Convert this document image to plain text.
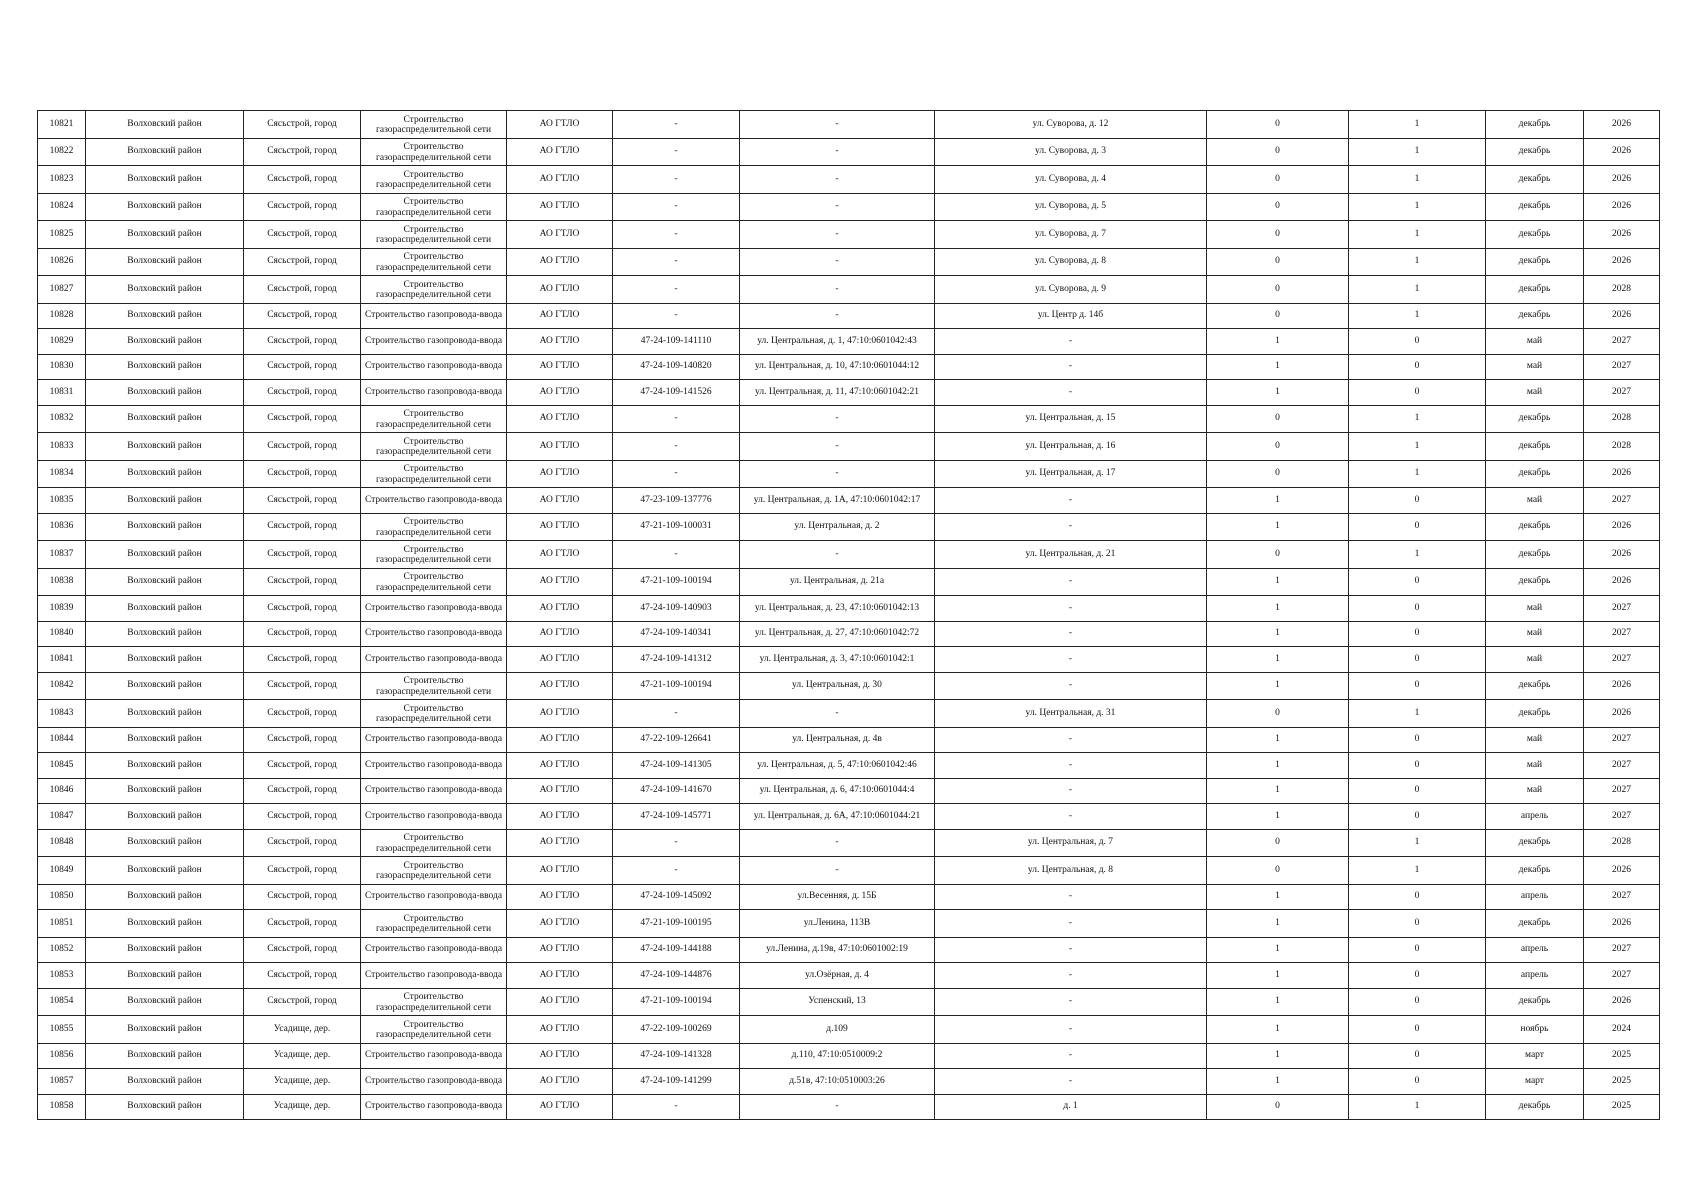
10821	Волховский район	Сясьстрой, город	Строительство газораспределительной сети	АО ГТЛО	-	-	ул. Суворова, д. 12	0	1	декабрь	2026
10822	Волховский район	Сясьстрой, город	Строительство газораспределительной сети	АО ГТЛО	-	-	ул. Суворова, д. 3	0	1	декабрь	2026
10823	Волховский район	Сясьстрой, город	Строительство газораспределительной сети	АО ГТЛО	-	-	ул. Суворова, д. 4	0	1	декабрь	2026
10824	Волховский район	Сясьстрой, город	Строительство газораспределительной сети	АО ГТЛО	-	-	ул. Суворова, д. 5	0	1	декабрь	2026
10825	Волховский район	Сясьстрой, город	Строительство газораспределительной сети	АО ГТЛО	-	-	ул. Суворова, д. 7	0	1	декабрь	2026
10826	Волховский район	Сясьстрой, город	Строительство газораспределительной сети	АО ГТЛО	-	-	ул. Суворова, д. 8	0	1	декабрь	2026
10827	Волховский район	Сясьстрой, город	Строительство газораспределительной сети	АО ГТЛО	-	-	ул. Суворова, д. 9	0	1	декабрь	2028
10828	Волховский район	Сясьстрой, город	Строительство газопровода-ввода	АО ГТЛО	-	-	ул. Центр д. 14б	0	1	декабрь	2026
10829	Волховский район	Сясьстрой, город	Строительство газопровода-ввода	АО ГТЛО	47-24-109-141110	ул. Центральная, д. 1, 47:10:0601042:43	-	1	0	май	2027
10830	Волховский район	Сясьстрой, город	Строительство газопровода-ввода	АО ГТЛО	47-24-109-140820	ул. Центральная, д. 10, 47:10:0601044:12	-	1	0	май	2027
10831	Волховский район	Сясьстрой, город	Строительство газопровода-ввода	АО ГТЛО	47-24-109-141526	ул. Центральная, д. 11, 47:10:0601042:21	-	1	0	май	2027
10832	Волховский район	Сясьстрой, город	Строительство газораспределительной сети	АО ГТЛО	-	-	ул. Центральная, д. 15	0	1	декабрь	2028
10833	Волховский район	Сясьстрой, город	Строительство газораспределительной сети	АО ГТЛО	-	-	ул. Центральная, д. 16	0	1	декабрь	2028
10834	Волховский район	Сясьстрой, город	Строительство газораспределительной сети	АО ГТЛО	-	-	ул. Центральная, д. 17	0	1	декабрь	2026
10835	Волховский район	Сясьстрой, город	Строительство газопровода-ввода	АО ГТЛО	47-23-109-137776	ул. Центральная, д. 1А, 47:10:0601042:17	-	1	0	май	2027
10836	Волховский район	Сясьстрой, город	Строительство газораспределительной сети	АО ГТЛО	47-21-109-100031	ул. Центральная, д. 2	-	1	0	декабрь	2026
10837	Волховский район	Сясьстрой, город	Строительство газораспределительной сети	АО ГТЛО	-	-	ул. Центральная, д. 21	0	1	декабрь	2026
10838	Волховский район	Сясьстрой, город	Строительство газораспределительной сети	АО ГТЛО	47-21-109-100194	ул. Центральная, д. 21а	-	1	0	декабрь	2026
10839	Волховский район	Сясьстрой, город	Строительство газопровода-ввода	АО ГТЛО	47-24-109-140903	ул. Центральная, д. 23, 47:10:0601042:13	-	1	0	май	2027
10840	Волховский район	Сясьстрой, город	Строительство газопровода-ввода	АО ГТЛО	47-24-109-140341	ул. Центральная, д. 27, 47:10:0601042:72	-	1	0	май	2027
10841	Волховский район	Сясьстрой, город	Строительство газопровода-ввода	АО ГТЛО	47-24-109-141312	ул. Центральная, д. 3, 47:10:0601042:1	-	1	0	май	2027
10842	Волховский район	Сясьстрой, город	Строительство газораспределительной сети	АО ГТЛО	47-21-109-100194	ул. Центральная, д. 30	-	1	0	декабрь	2026
10843	Волховский район	Сясьстрой, город	Строительство газораспределительной сети	АО ГТЛО	-	-	ул. Центральная, д. 31	0	1	декабрь	2026
10844	Волховский район	Сясьстрой, город	Строительство газопровода-ввода	АО ГТЛО	47-22-109-126641	ул. Центральная, д. 4в	-	1	0	май	2027
10845	Волховский район	Сясьстрой, город	Строительство газопровода-ввода	АО ГТЛО	47-24-109-141305	ул. Центральная, д. 5, 47:10:0601042:46	-	1	0	май	2027
10846	Волховский район	Сясьстрой, город	Строительство газопровода-ввода	АО ГТЛО	47-24-109-141670	ул. Центральная, д. 6, 47:10:0601044:4	-	1	0	май	2027
10847	Волховский район	Сясьстрой, город	Строительство газопровода-ввода	АО ГТЛО	47-24-109-145771	ул. Центральная, д. 6А, 47:10:0601044:21	-	1	0	апрель	2027
10848	Волховский район	Сясьстрой, город	Строительство газораспределительной сети	АО ГТЛО	-	-	ул. Центральная, д. 7	0	1	декабрь	2028
10849	Волховский район	Сясьстрой, город	Строительство газораспределительной сети	АО ГТЛО	-	-	ул. Центральная, д. 8	0	1	декабрь	2026
10850	Волховский район	Сясьстрой, город	Строительство газопровода-ввода	АО ГТЛО	47-24-109-145092	ул.Весенняя, д. 15Б	-	1	0	апрель	2027
10851	Волховский район	Сясьстрой, город	Строительство газораспределительной сети	АО ГТЛО	47-21-109-100195	ул.Ленина, 113В	-	1	0	декабрь	2026
10852	Волховский район	Сясьстрой, город	Строительство газопровода-ввода	АО ГТЛО	47-24-109-144188	ул.Ленина, д.19в, 47:10:0601002:19	-	1	0	апрель	2027
10853	Волховский район	Сясьстрой, город	Строительство газопровода-ввода	АО ГТЛО	47-24-109-144876	ул.Озёрная, д. 4	-	1	0	апрель	2027
10854	Волховский район	Сясьстрой, город	Строительство газораспределительной сети	АО ГТЛО	47-21-109-100194	Успенский, 13	-	1	0	декабрь	2026
10855	Волховский район	Усадище, дер.	Строительство газораспределительной сети	АО ГТЛО	47-22-109-100269	д.109	-	1	0	ноябрь	2024
10856	Волховский район	Усадище, дер.	Строительство газопровода-ввода	АО ГТЛО	47-24-109-141328	д.110, 47:10:0510009:2	-	1	0	март	2025
10857	Волховский район	Усадище, дер.	Строительство газопровода-ввода	АО ГТЛО	47-24-109-141299	д.51в, 47:10:0510003:26	-	1	0	март	2025
10858	Волховский район	Усадище, дер.	Строительство газопровода-ввода	АО ГТЛО	-	-	д. 1	0	1	декабрь	2025
